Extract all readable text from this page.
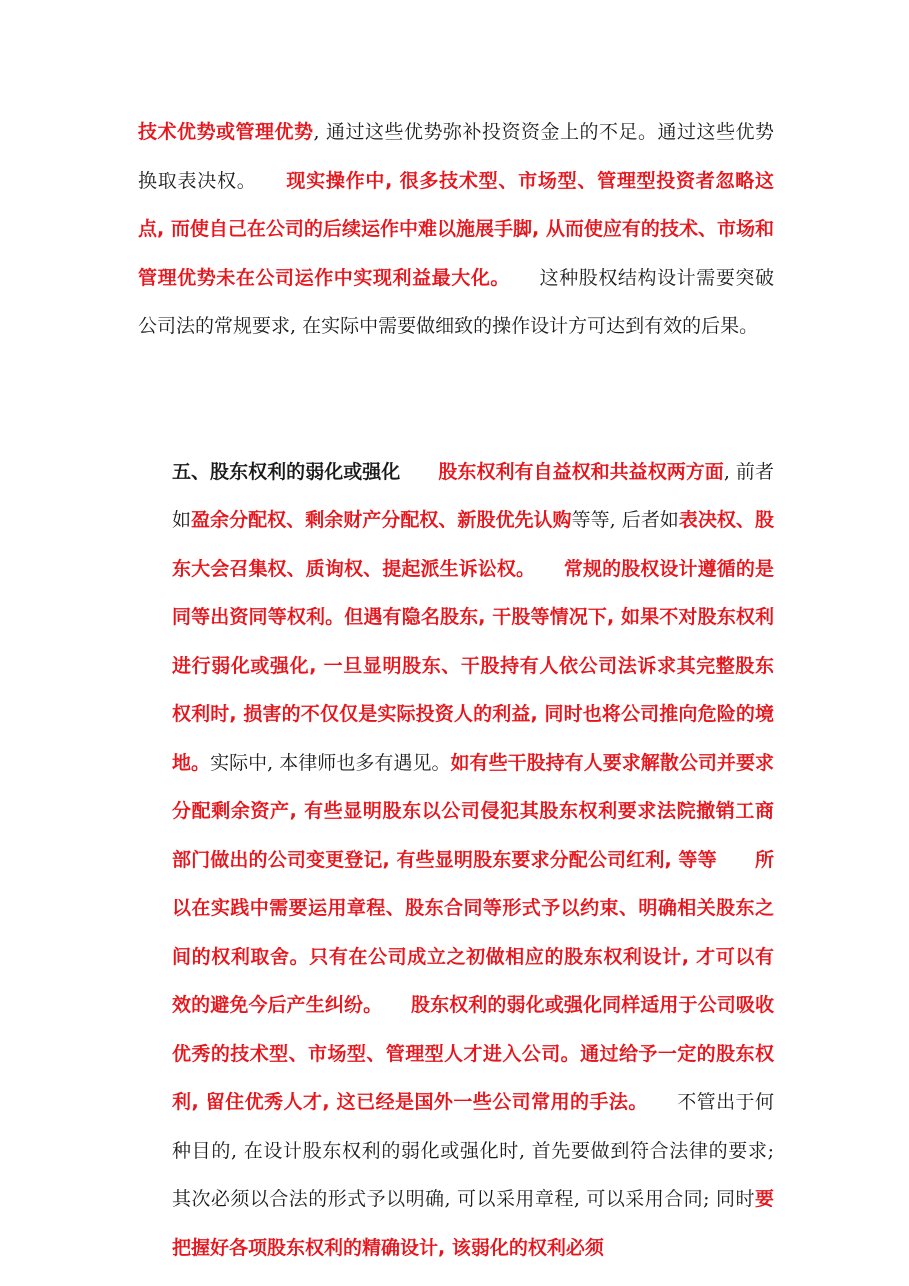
技术优势或管理优势, 通过这些优势弥补投资资金上的不足。通过这些优势换取表决权。　　现实操作中, 很多技术型、市场型、管理型投资者忽略这点, 而使自己在公司的后续运作中难以施展手脚, 从而使应有的技术、市场和管理优势未在公司运作中实现利益最大化。　　这种股权结构设计需要突破公司法的常规要求, 在实际中需要做细致的操作设计方可达到有效的后果。

五、股东权利的弱化或强化　　 股东权利有自益权和共益权两方面, 前者如盈余分配权、剩余财产分配权、新股优先认购等等, 后者如表决权、股东大会召集权、质询权、提起派生诉讼权。　　常规的股权设计遵循的是同等出资同等权利。但遇有隐名股东, 干股等情况下, 如果不对股东权利进行弱化或强化, 一旦显明股东、干股持有人依公司法诉求其完整股东权利时, 损害的不仅仅是实际投资人的利益, 同时也将公司推向危险的境地。实际中, 本律师也多有遇见。如有些干股持有人要求解散公司并要求分配剩余资产, 有些显明股东以公司侵犯其股东权利要求法院撤销工商部门做出的公司变更登记, 有些显明股东要求分配公司红利, 等等　　所以在实践中需要运用章程、股东合同等形式予以约束、明确相关股东之间的权利取舍。只有在公司成立之初做相应的股东权利设计, 才可以有效的避免今后产生纠纷。　　股东权利的弱化或强化同样适用于公司吸收优秀的技术型、市场型、管理型人才进入公司。通过给予一定的股东权利, 留住优秀人才, 这已经是国外一些公司常用的手法。　　不管出于何种目的, 在设计股东权利的弱化或强化时, 首先要做到符合法律的要求; 其次必须以合法的形式予以明确, 可以采用章程, 可以采用合同; 同时要把握好各项股东权利的精确设计, 该弱化的权利必须
